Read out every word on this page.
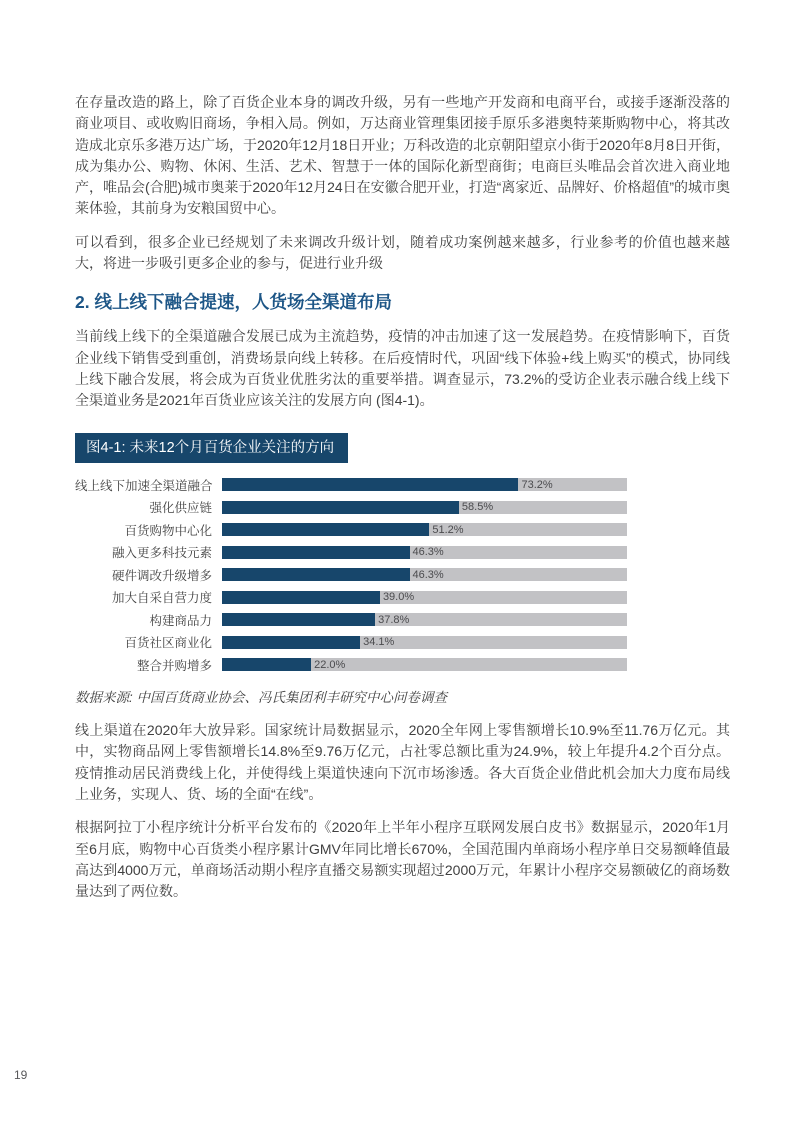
在存量改造的路上，除了百货企业本身的调改升级，另有一些地产开发商和电商平台，或接手逐渐没落的商业项目、或收购旧商场，争相入局。例如，万达商业管理集团接手原乐多港奥特莱斯购物中心，将其改造成北京乐多港万达广场，于2020年12月18日开业；万科改造的北京朝阳望京小街于2020年8月8日开街，成为集办公、购物、休闲、生活、艺术、智慧于一体的国际化新型商街；电商巨头唯品会首次进入商业地产，唯品会(合肥)城市奥莱于2020年12月24日在安徽合肥开业，打造“离家近、品牌好、价格超值”的城市奥莱体验，其前身为安粮国贸中心。

可以看到，很多企业已经规划了未来调改升级计划，随着成功案例越来越多，行业参考的价值也越来越大，将进一步吸引更多企业的参与，促进行业升级

2. 线上线下融合提速，人货场全渠道布局

当前线上线下的全渠道融合发展已成为主流趋势，疫情的冲击加速了这一发展趋势。在疫情影响下，百货企业线下销售受到重创，消费场景向线上转移。在后疫情时代，巩固“线下体验+线上购买”的模式，协同线上线下融合发展，将会成为百货业优胜劣汰的重要举措。调查显示，73.2%的受访企业表示融合线上线下全渠道业务是2021年百货业应该关注的发展方向 (图4-1)。

图4-1: 未来12个月百货企业关注的方向
线上线下加速全渠道融合	73.2%
强化供应链	58.5%
百货购物中心化	51.2%
融入更多科技元素	46.3%
硬件调改升级增多	46.3%
加大自采自营力度	39.0%
构建商品力	37.8%
百货社区商业化	34.1%
整合并购增多	22.0%

数据来源: 中国百货商业协会、冯氏集团利丰研究中心问卷调查

线上渠道在2020年大放异彩。国家统计局数据显示，2020全年网上零售额增长10.9%至11.76万亿元。其中，实物商品网上零售额增长14.8%至9.76万亿元，占社零总额比重为24.9%，较上年提升4.2个百分点。疫情推动居民消费线上化，并使得线上渠道快速向下沉市场渗透。各大百货企业借此机会加大力度布局线上业务，实现人、货、场的全面“在线”。

根据阿拉丁小程序统计分析平台发布的《2020年上半年小程序互联网发展白皮书》数据显示，2020年1月至6月底，购物中心百货类小程序累计GMV年同比增长670%，全国范围内单商场小程序单日交易额峰值最高达到4000万元，单商场活动期小程序直播交易额实现超过2000万元，年累计小程序交易额破亿的商场数量达到了两位数。

19
